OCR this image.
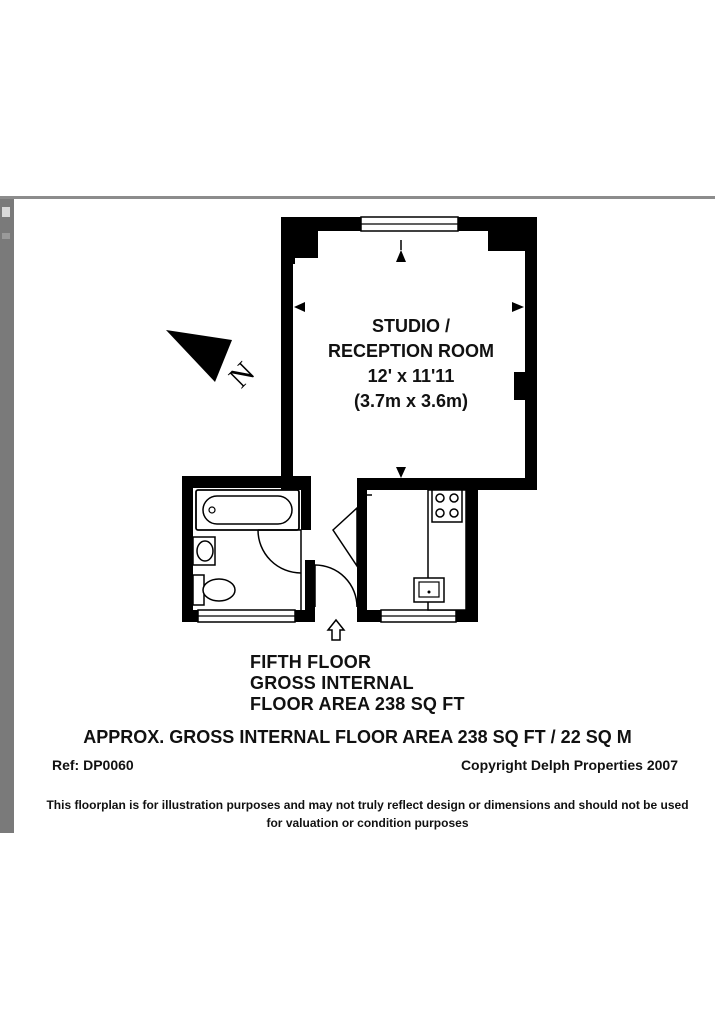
STUDIO /
RECEPTION ROOM
12' x 11'11
(3.7m x 3.6m)
N
FIFTH FLOOR
GROSS INTERNAL
FLOOR AREA 238 SQ FT
APPROX. GROSS INTERNAL FLOOR AREA 238 SQ FT / 22 SQ M
Ref: DP0060	Copyright Delph Properties 2007
This floorplan is for illustration purposes and may not truly reflect design or dimensions and should not be used for valuation or condition purposes
